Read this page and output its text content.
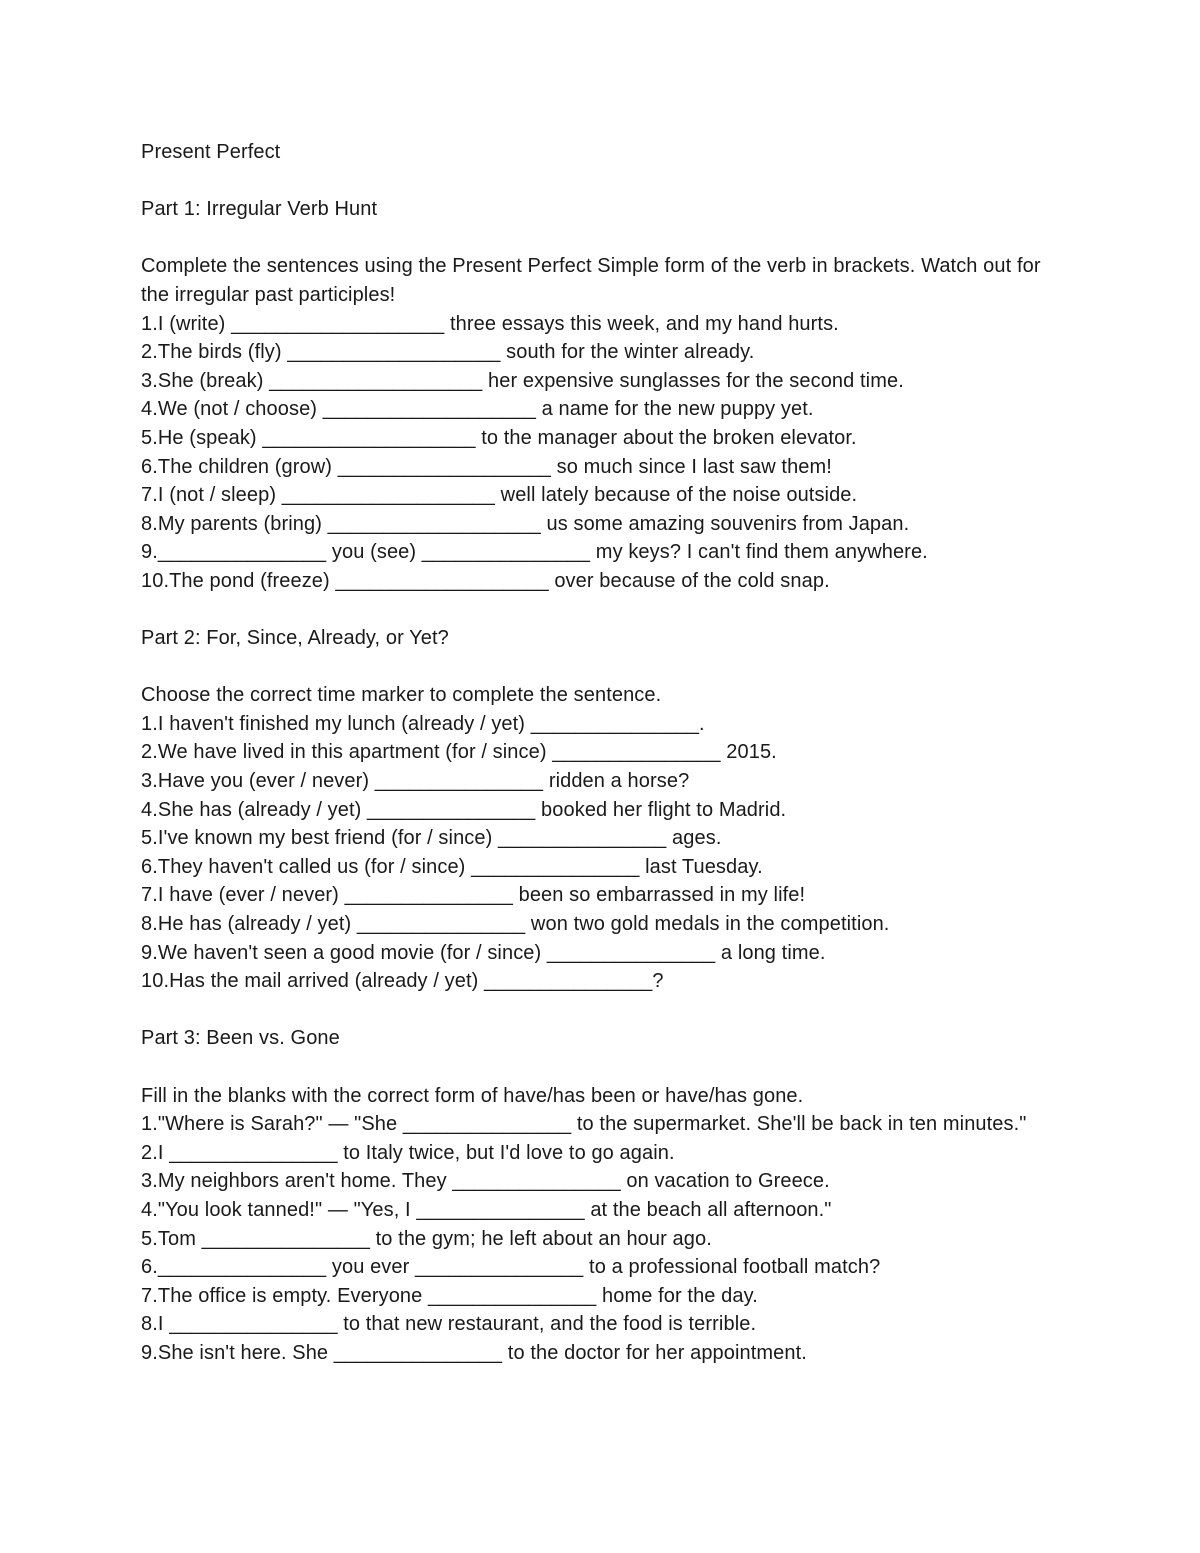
Present Perfect
Part 1: Irregular Verb Hunt
Complete the sentences using the Present Perfect Simple form of the verb in brackets. Watch out for the irregular past participles!
1.I (write) ___________________ three essays this week, and my hand hurts.
2.The birds (fly) ___________________ south for the winter already.
3.She (break) ___________________ her expensive sunglasses for the second time.
4.We (not / choose) ___________________ a name for the new puppy yet.
5.He (speak) ___________________ to the manager about the broken elevator.
6.The children (grow) ___________________ so much since I last saw them!
7.I (not / sleep) ___________________ well lately because of the noise outside.
8.My parents (bring) ___________________ us some amazing souvenirs from Japan.
9._______________ you (see) _______________ my keys? I can't find them anywhere.
10.The pond (freeze) ___________________ over because of the cold snap.
Part 2: For, Since, Already, or Yet?
Choose the correct time marker to complete the sentence.
1.I haven't finished my lunch (already / yet) _______________.
2.We have lived in this apartment (for / since) _______________ 2015.
3.Have you (ever / never) _______________ ridden a horse?
4.She has (already / yet) _______________ booked her flight to Madrid.
5.I've known my best friend (for / since) _______________ ages.
6.They haven't called us (for / since) _______________ last Tuesday.
7.I have (ever / never) _______________ been so embarrassed in my life!
8.He has (already / yet) _______________ won two gold medals in the competition.
9.We haven't seen a good movie (for / since) _______________ a long time.
10.Has the mail arrived (already / yet) _______________?
Part 3: Been vs. Gone
Fill in the blanks with the correct form of have/has been or have/has gone.
1."Where is Sarah?" — "She _______________ to the supermarket. She'll be back in ten minutes."
2.I _______________ to Italy twice, but I'd love to go again.
3.My neighbors aren't home. They _______________ on vacation to Greece.
4."You look tanned!" — "Yes, I _______________ at the beach all afternoon."
5.Tom _______________ to the gym; he left about an hour ago.
6._______________ you ever _______________ to a professional football match?
7.The office is empty. Everyone _______________ home for the day.
8.I _______________ to that new restaurant, and the food is terrible.
9.She isn't here. She _______________ to the doctor for her appointment.
